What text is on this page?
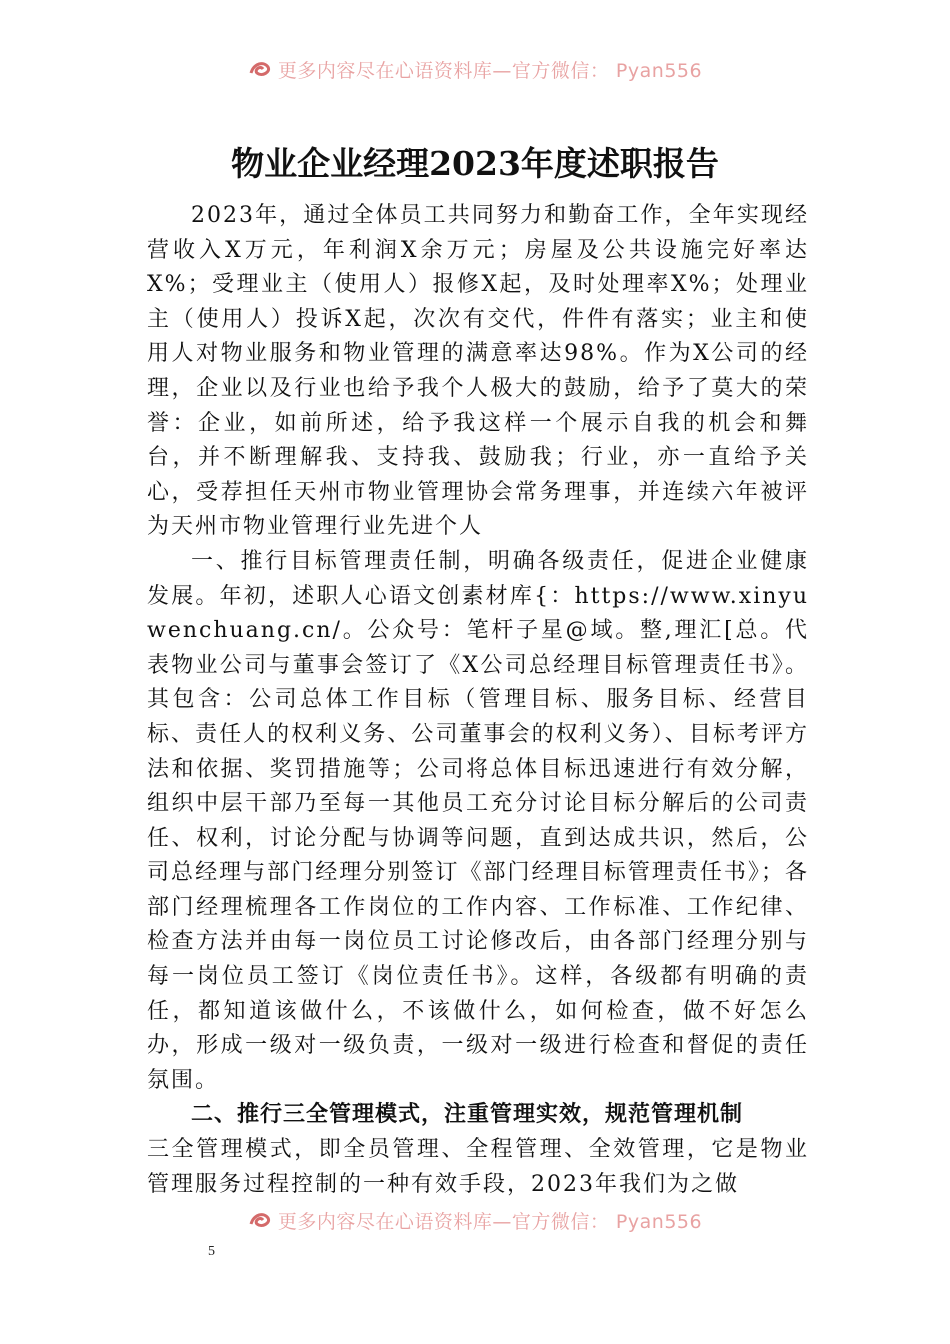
更多内容尽在心语资料库—官方微信： Pyan556
物业企业经理2023年度述职报告

2023年，通过全体员工共同努力和勤奋工作，全年实现经营收入X万元，年利润X余万元；房屋及公共设施完好率达X%；受理业主（使用人）报修X起，及时处理率X%；处理业主（使用人）投诉X起，次次有交代，件件有落实；业主和使用人对物业服务和物业管理的满意率达98%。作为X公司的经理，企业以及行业也给予我个人极大的鼓励，给予了莫大的荣誉：企业，如前所述，给予我这样一个展示自我的机会和舞台，并不断理解我、支持我、鼓励我；行业，亦一直给予关心，受荐担任天州市物业管理协会常务理事，并连续六年被评为天州市物业管理行业先进个人

一、推行目标管理责任制，明确各级责任，促进企业健康发展。年初，述职人心语文创素材库{：https://www.xinyuwenchuang.cn/。公众号：笔杆子星@域。整,理汇[总。代表物业公司与董事会签订了《X公司总经理目标管理责任书》。其包含：公司总体工作目标（管理目标、服务目标、经营目标、责任人的权利义务、公司董事会的权利义务）、目标考评方法和依据、奖罚措施等；公司将总体目标迅速进行有效分解，组织中层干部乃至每一其他员工充分讨论目标分解后的公司责任、权利，讨论分配与协调等问题，直到达成共识，然后，公司总经理与部门经理分别签订《部门经理目标管理责任书》；各部门经理梳理各工作岗位的工作内容、工作标准、工作纪律、检查方法并由每一岗位员工讨论修改后，由各部门经理分别与每一岗位员工签订《岗位责任书》。这样，各级都有明确的责任，都知道该做什么，不该做什么，如何检查，做不好怎么办，形成一级对一级负责，一级对一级进行检查和督促的责任氛围。

二、推行三全管理模式，注重管理实效，规范管理机制

三全管理模式，即全员管理、全程管理、全效管理，它是物业管理服务过程控制的一种有效手段，2023年我们为之做

更多内容尽在心语资料库—官方微信： Pyan556
5
